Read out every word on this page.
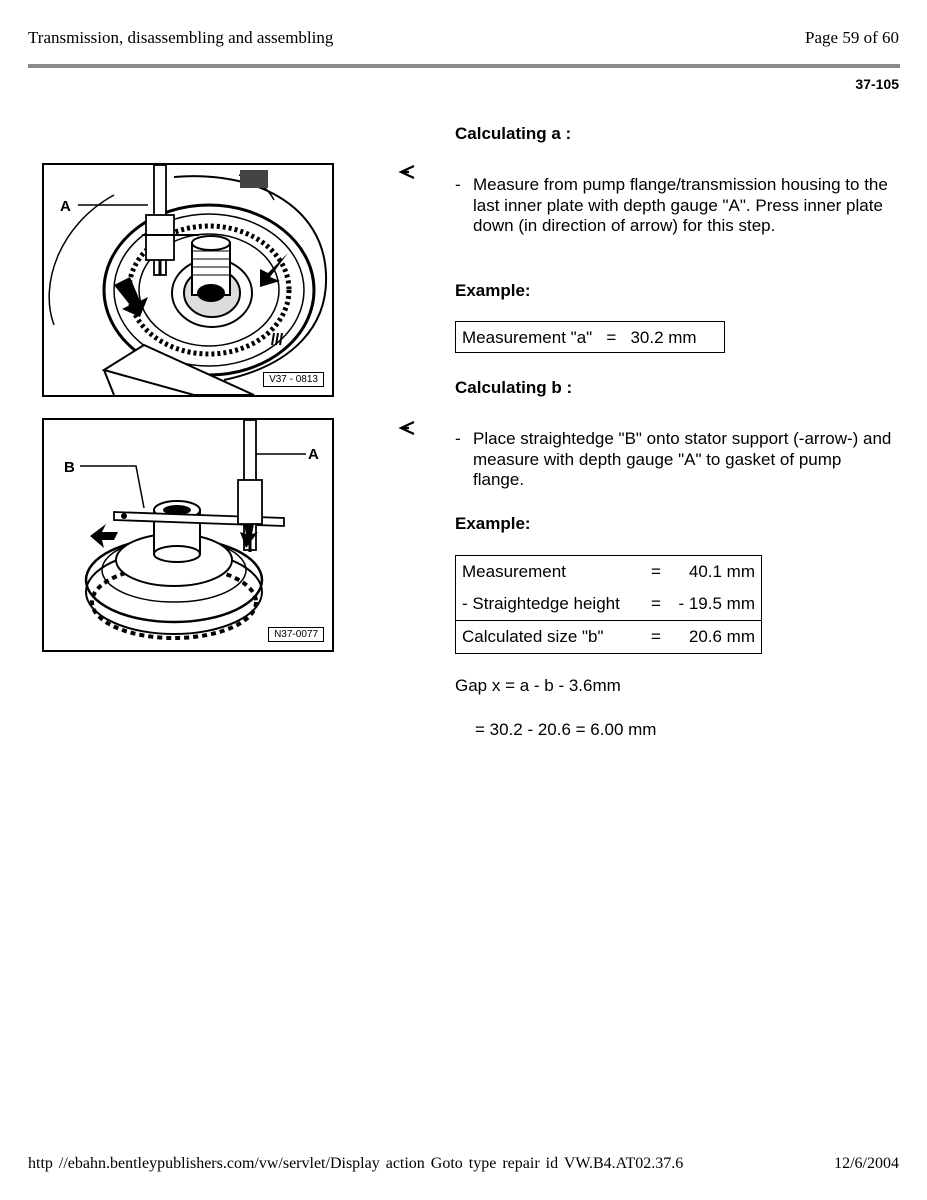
Transmission, disassembling and assembling	Page 59 of 60
37-105
A
V37 - 0813
B
A
N37-0077
Calculating a :
- Measure from pump flange/transmission housing to the last inner plate with depth gauge "A". Press inner plate down (in direction of arrow) for this step.
Example:
Measurement "a"   =   30.2 mm
Calculating b :
- Place straightedge "B" onto stator support (-arrow-) and measure with depth gauge "A" to gasket of pump flange.
Example:
Measurement	=	40.1 mm
- Straightedge height	=	- 19.5 mm
Calculated size "b"	=	20.6 mm
Gap x = a - b - 3.6mm
= 30.2 - 20.6 = 6.00 mm
http //ebahn.bentleypublishers.com/vw/servlet/Display action Goto type repair id VW.B4.AT02.37.6	12/6/2004
